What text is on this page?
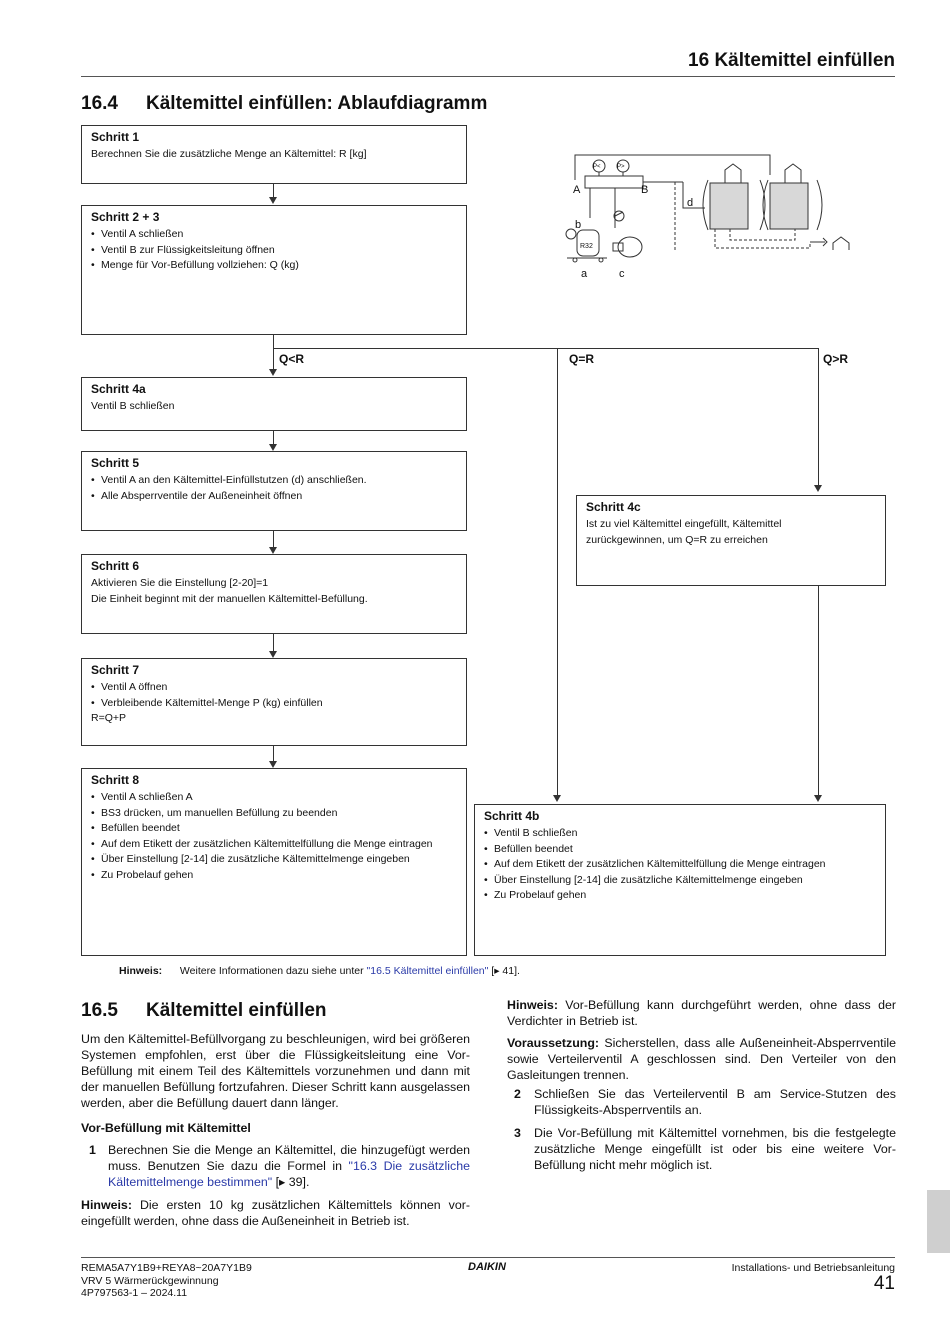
16 Kältemittel einfüllen
16.4 Kältemittel einfüllen: Ablaufdiagramm
Q<R	Q=R	Q>R
Schritt 1

Berechnen Sie die zusätzliche Menge an Kältemittel: R [kg]

Schritt 2 + 3
• Ventil A schließen
• Ventil B zur Flüssigkeitsleitung öffnen
• Menge für Vor-Befüllung vollziehen: Q (kg)
Schritt 4a

Ventil B schließen

Schritt 5
• Ventil A an den Kältemittel-Einfüllstutzen (d) anschließen.
• Alle Absperrventile der Außeneinheit öffnen
Schritt 4c

Ist zu viel Kältemittel eingefüllt, Kältemittel

zurückgewinnen, um Q=R zu erreichen

Schritt 6

Aktivieren Sie die Einstellung [2-20]=1

Die Einheit beginnt mit der manuellen Kältemittel-Befüllung.

Schritt 7
• Ventil A öffnen
• Verbleibende Kältemittel-Menge P (kg) einfüllen

R=Q+P

Schritt 8
• Ventil A schließen A
• BS3 drücken, um manuellen Befüllung zu beenden
• Befüllen beendet
• Auf dem Etikett der zusätzlichen Kältemittelfüllung die Menge eintragen
• Über Einstellung [2-14] die zusätzliche Kältemittelmenge eingeben
• Zu Probelauf gehen
Schritt 4b
• Ventil B schließen
• Befüllen beendet
• Auf dem Etikett der zusätzlichen Kältemittelfüllung die Menge eintragen
• Über Einstellung [2-14] die zusätzliche Kältemittelmenge eingeben
• Zu Probelauf gehen
A	B
b
a	c
d
R32
P<	P>
Hinweis: Weitere Informationen dazu siehe unter "16.5 Kältemittel einfüllen" [▸ 41].
16.5 Kältemittel einfüllen
Um den Kältemittel-Befüllvorgang zu beschleunigen, wird bei größeren Systemen empfohlen, erst über die Flüssigkeitsleitung eine Vor-Befüllung mit einem Teil des Kältemittels vorzunehmen und dann mit der manuellen Befüllung fortzufahren. Dieser Schritt kann ausgelassen werden, aber die Befüllung dauert dann länger.
Vor-Befüllung mit Kältemittel
1 Berechnen Sie die Menge an Kältemittel, die hinzugefügt werden muss. Benutzen Sie dazu die Formel in "16.3 Die zusätzliche Kältemittelmenge bestimmen" [▸ 39].
Hinweis: Die ersten 10 kg zusätzlichen Kältemittels können vor-eingefüllt werden, ohne dass die Außeneinheit in Betrieb ist.
Hinweis: Vor-Befüllung kann durchgeführt werden, ohne dass der Verdichter in Betrieb ist.
Voraussetzung: Sicherstellen, dass alle Außeneinheit-Absperrventile sowie Verteilerventil A geschlossen sind. Den Verteiler von den Gasleitungen trennen.
2 Schließen Sie das Verteilerventil B am Service-Stutzen des Flüssigkeits-Absperrventils an.
3 Die Vor-Befüllung mit Kältemittel vornehmen, bis die festgelegte zusätzliche Menge eingefüllt ist oder bis eine weitere Vor-Befüllung nicht mehr möglich ist.
REMA5A7Y1B9+REYA8~20A7Y1B9
VRV 5 Wärmerückgewinnung
4P797563-1 – 2024.11
DAIKIN	Installations- und Betriebsanleitung
41
